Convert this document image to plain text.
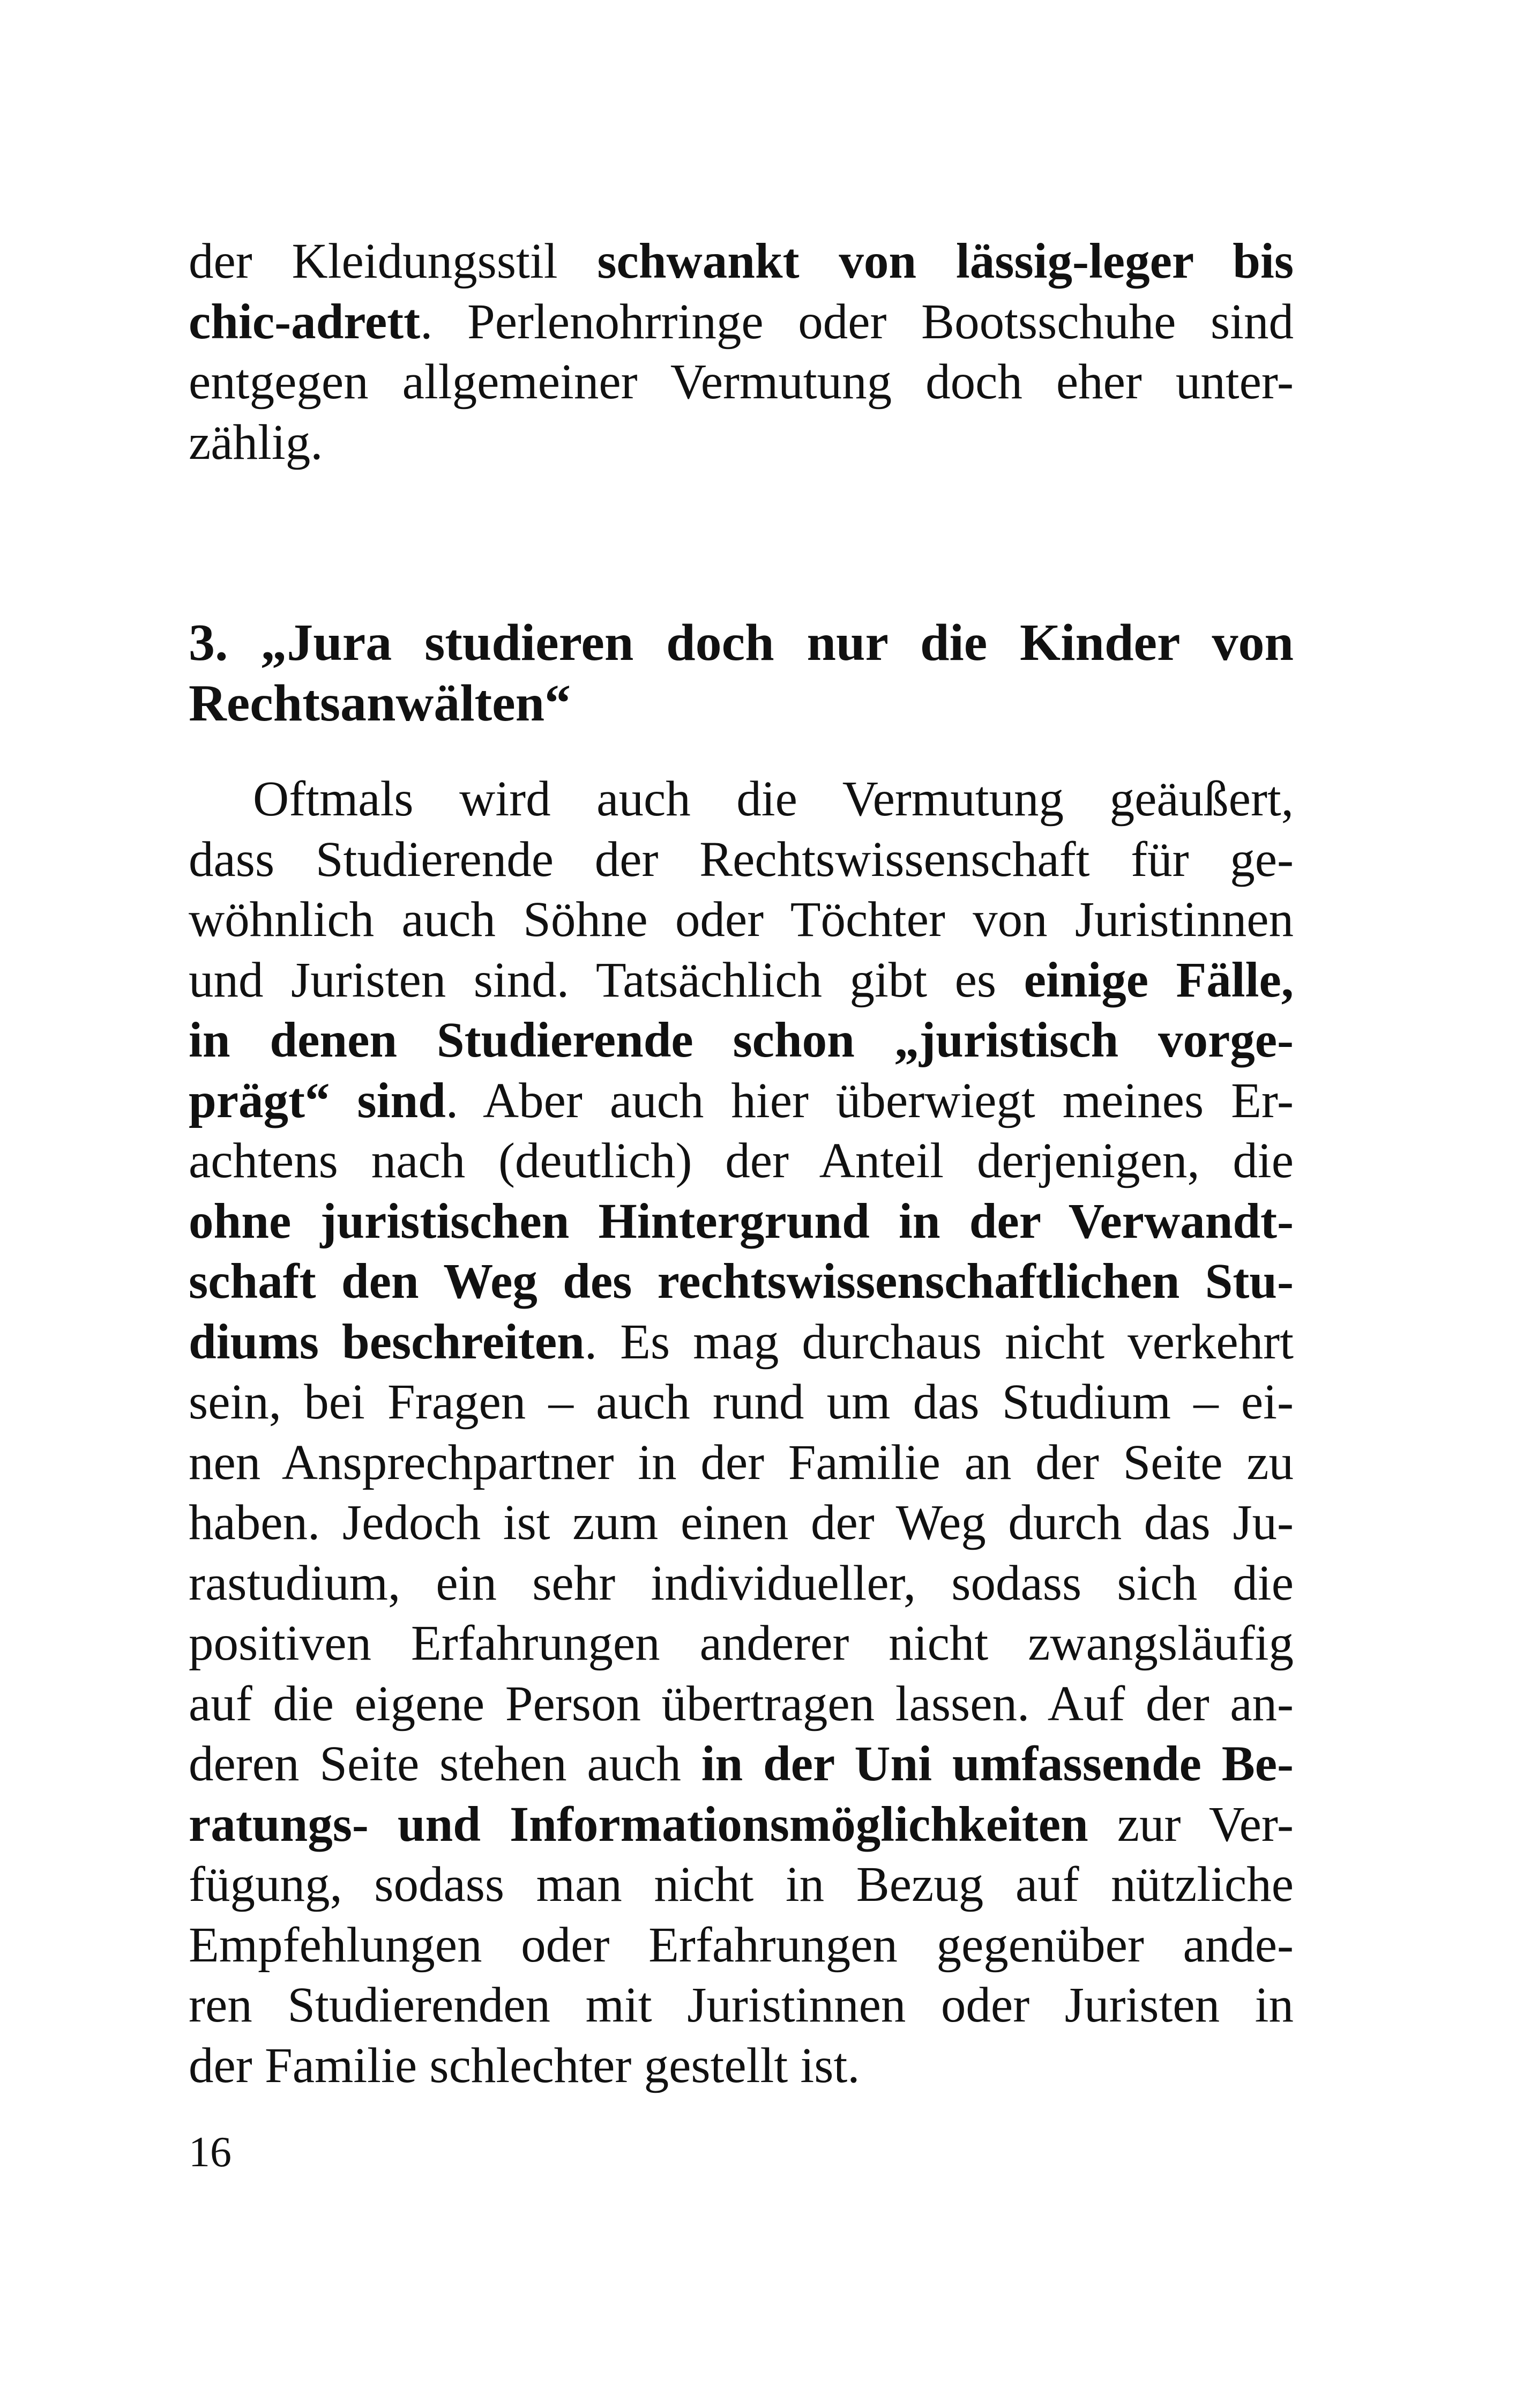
der Kleidungsstil schwankt von lässig-leger bis
chic-adrett. Perlenohrringe oder Bootsschuhe sind
entgegen allgemeiner Vermutung doch eher unter-
zählig.
3. „Jura studieren doch nur die Kinder von
Rechtsanwälten“
Oftmals wird auch die Vermutung geäußert,
dass Studierende der Rechtswissenschaft für ge-
wöhnlich auch Söhne oder Töchter von Juristinnen
und Juristen sind. Tatsächlich gibt es einige Fälle,
in denen Studierende schon „juristisch vorge-
prägt“ sind. Aber auch hier überwiegt meines Er-
achtens nach (deutlich) der Anteil derjenigen, die
ohne juristischen Hintergrund in der Verwandt-
schaft den Weg des rechtswissenschaftlichen Stu-
diums beschreiten. Es mag durchaus nicht verkehrt
sein, bei Fragen – auch rund um das Studium – ei-
nen Ansprechpartner in der Familie an der Seite zu
haben. Jedoch ist zum einen der Weg durch das Ju-
rastudium, ein sehr individueller, sodass sich die
positiven Erfahrungen anderer nicht zwangsläufig
auf die eigene Person übertragen lassen. Auf der an-
deren Seite stehen auch in der Uni umfassende Be-
ratungs- und Informationsmöglichkeiten zur Ver-
fügung, sodass man nicht in Bezug auf nützliche
Empfehlungen oder Erfahrungen gegenüber ande-
ren Studierenden mit Juristinnen oder Juristen in
der Familie schlechter gestellt ist.
16
